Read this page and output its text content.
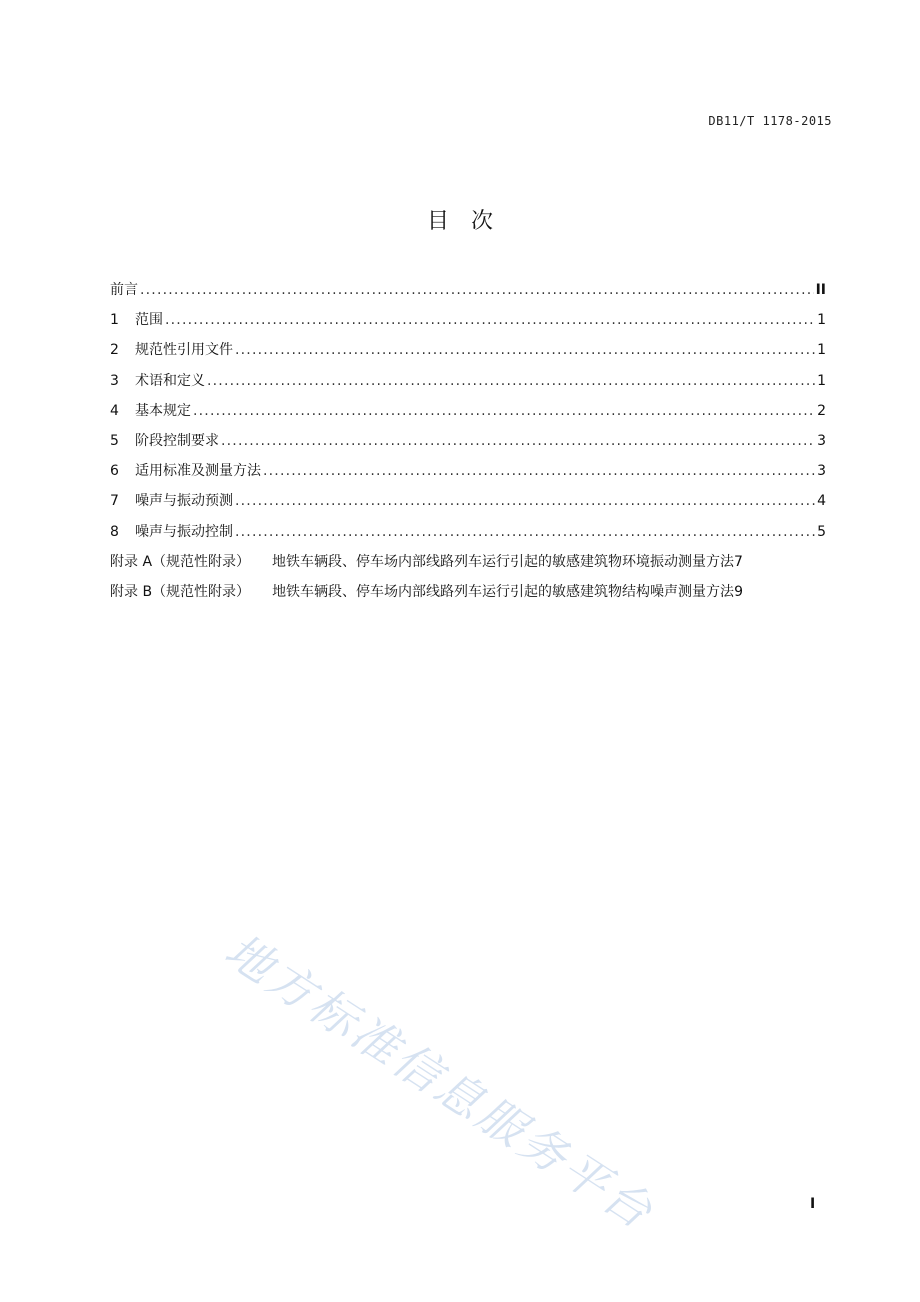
DB11/T 1178-2015
目次
前言 .....	II
1	范围 .....	1
2	规范性引用文件 .....	1
3	术语和定义 .....	1
4	基本规定 .....	2
5	阶段控制要求 .....	3
6	适用标准及测量方法 .....	3
7	噪声与振动预测 .....	4
8	噪声与振动控制 .....	5
附录 A（规范性附录） 地铁车辆段、停车场内部线路列车运行引起的敏感建筑物环境振动测量方法 7
附录 B（规范性附录） 地铁车辆段、停车场内部线路列车运行引起的敏感建筑物结构噪声测量方法 9
地方标准信息服务平台	I
